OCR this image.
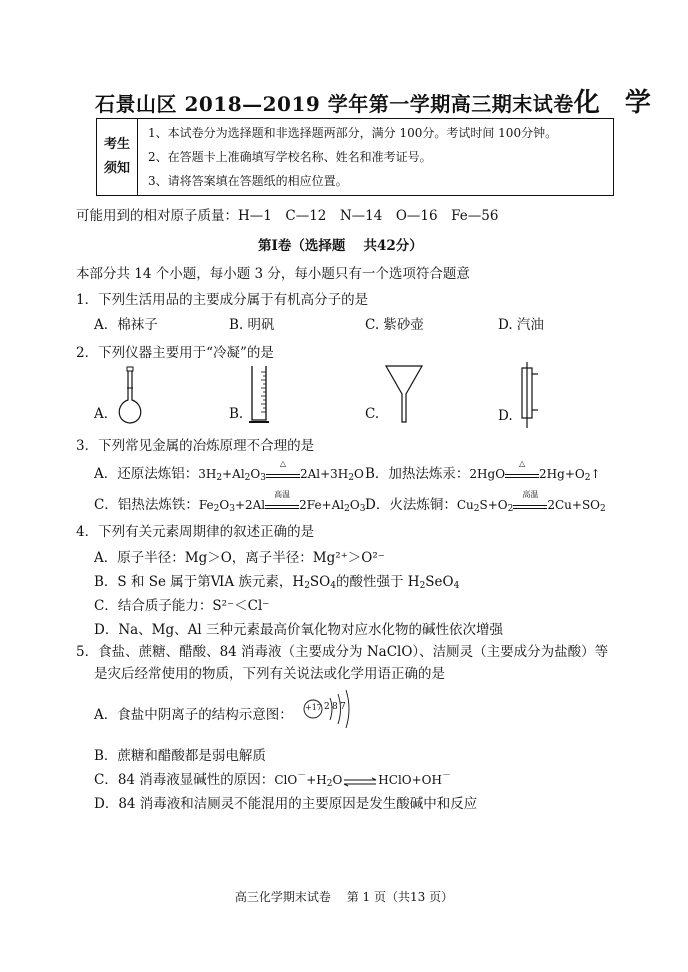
石景山区 2018—2019 学年第一学期高三期末试卷化 学
考生
须知

1、本试卷分为选择题和非选择题两部分，满分 100分。考试时间 100分钟。
2、在答题卡上准确填写学校名称、姓名和准考证号。
3、请将答案填在答题纸的相应位置。
可能用到的相对原子质量：H—1　C—12　N—14　O—16　Fe—56
第Ⅰ卷（选择题　 共42分）
本部分共 14 个小题，每小题 3 分，每小题只有一个选项符合题意
1．下列生活用品的主要成分属于有机高分子的是
A．棉袜子	B. 明矾	C. 紫砂壶	D. 汽油
2．下列仪器主要用于“冷凝”的是
A．	B.	C.	D.
3．下列常见金属的冶炼原理不合理的是
A．还原法炼铝：$3H_2+Al_2O_3$
△
$2Al+3H_2O$ B．加热法炼汞：2HgO
△
$2Hg+O_2↑$
C．铝热法炼铁：$Fe_2O_3+2Al$
高温
$2Fe+Al_2O_3$ D．火法炼铜：$Cu_2S+O_2$
高温
$2Cu+SO_2$
4．下列有关元素周期律的叙述正确的是
A．原子半径：Mg＞O，离子半径：Mg²⁺＞O²⁻
B．S 和 Se 属于第ⅥA 族元素，$H_2SO_4$的酸性强于 $H_2SeO_4$
C．结合质子能力：S²⁻＜Cl⁻
D．Na、Mg、Al 三种元素最高价氧化物对应水化物的碱性依次增强
5．食盐、蔗糖、醋酸、84 消毒液（主要成分为 NaClO）、洁厕灵（主要成分为盐酸）等
是灾后经常使用的物质，下列有关说法或化学用语正确的是
A．食盐中阴离子的结构示意图： +17 2 8 7
B．蔗糖和醋酸都是弱电解质
C．84 消毒液显碱性的原因：$ClO^-+H_2O\rightleftharpoons HClO+OH^-$
D．84 消毒液和洁厕灵不能混用的主要原因是发生酸碱中和反应
高三化学期末试卷　 第 1 页（共13 页）
